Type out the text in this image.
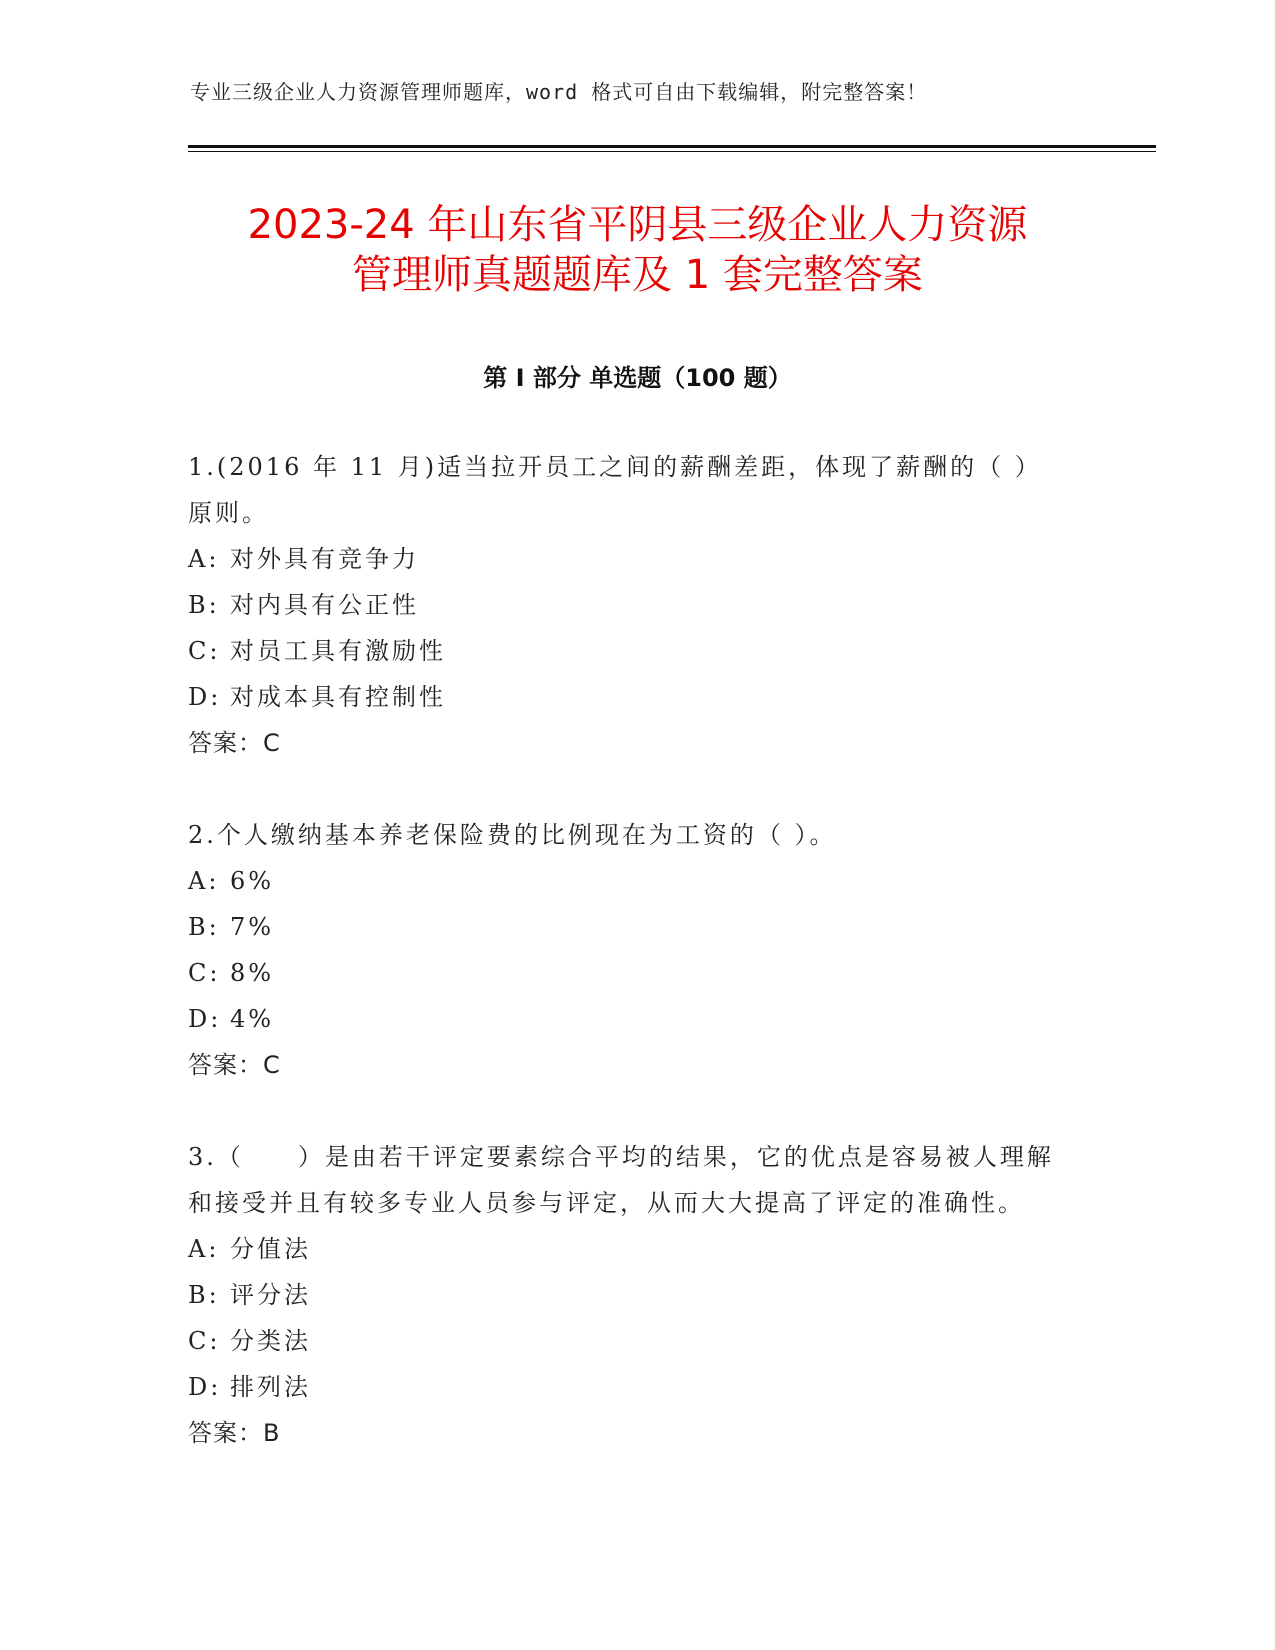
专业三级企业人力资源管理师题库，word 格式可自由下载编辑，附完整答案！
2023-24 年山东省平阴县三级企业人力资源
管理师真题题库及 1 套完整答案
第 I 部分 单选题（100 题）
1.(2016 年 11 月)适当拉开员工之间的薪酬差距，体现了薪酬的（ ）原则。
A: 对外具有竞争力
B: 对内具有公正性
C: 对员工具有激励性
D: 对成本具有控制性
答案：C
2.个人缴纳基本养老保险费的比例现在为工资的（ ）。
A: 6%
B: 7%
C: 8%
D: 4%
答案：C
3.（　　）是由若干评定要素综合平均的结果，它的优点是容易被人理解和接受并且有较多专业人员参与评定，从而大大提高了评定的准确性。
A: 分值法
B: 评分法
C: 分类法
D: 排列法
答案：B
